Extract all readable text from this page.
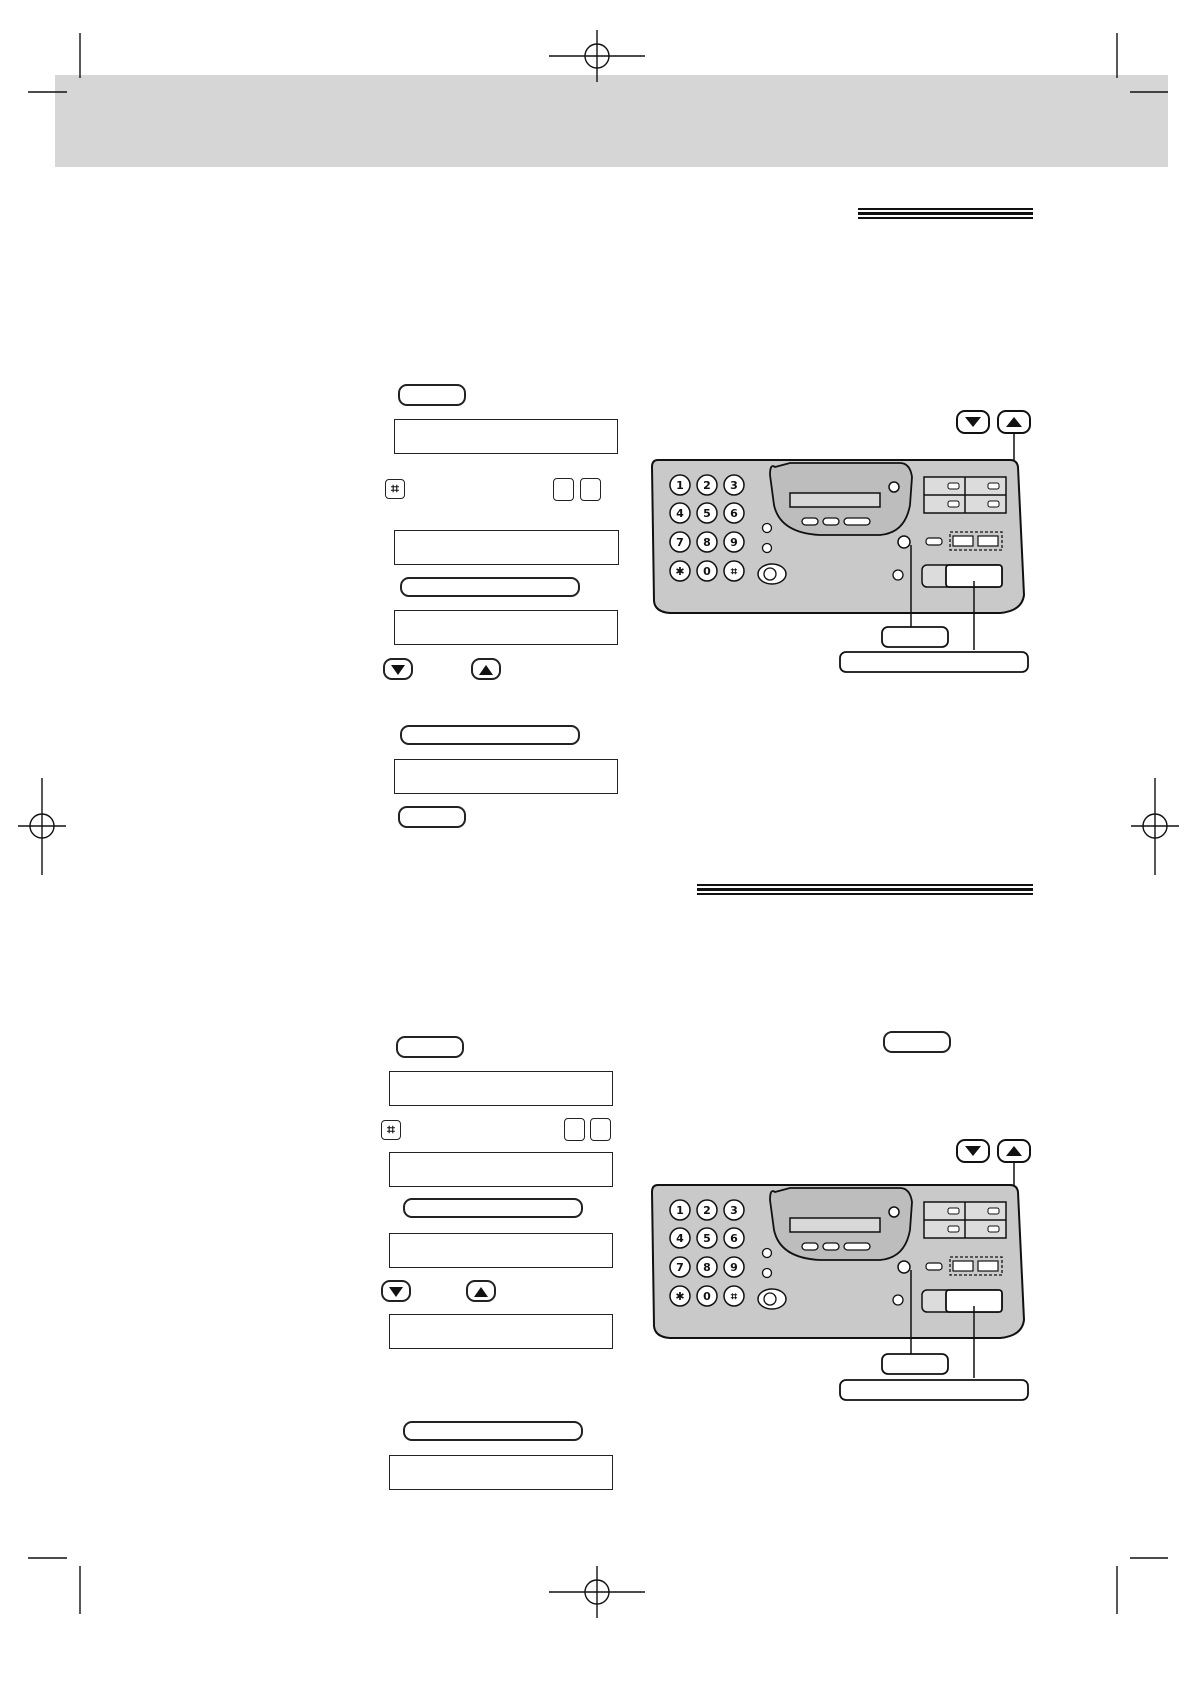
⌗	1 2 3
4 5 6
7 8 9
✱ 0 ⌗
⌗
1 2 3
4 5 6
7 8 9
✱ 0 ⌗
